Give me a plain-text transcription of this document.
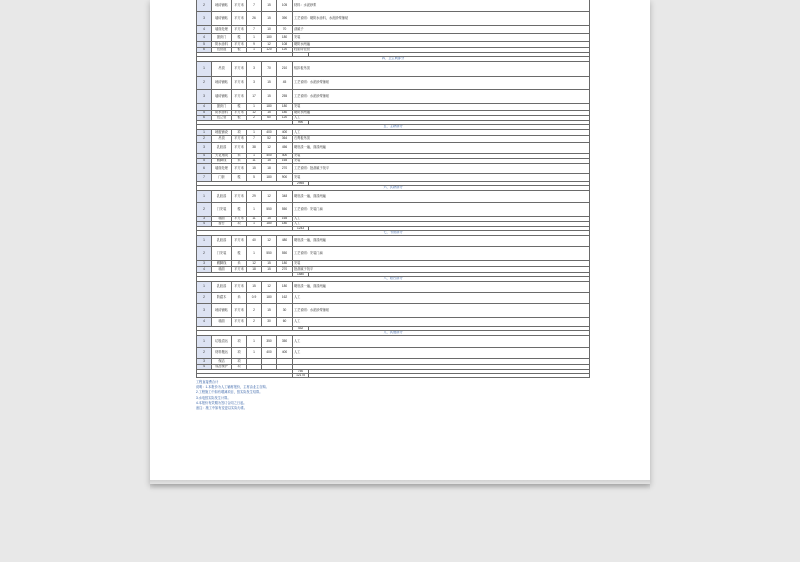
2	地砖铺贴	平方米	7	15	105	材料：水泥砂浆
3	墙砖铺贴	平方米	26	15	390	工艺说明：刷防水涂料，水泥砂浆铺贴
4	墙面处理	平方米	7	10	70	刮腻子
4	窗套门	樘	1	180	180	安装
5	防水涂料	平方米	9	12	108	刷防水两遍
6	包管道	根	1	120	120	轻质砖包管
四、卫生间部分
1	吊顶	平方米	3	70	210	铝扣板吊顶
2	地砖铺贴	平方米	3	15	45	工艺说明：水泥砂浆铺贴
3	墙砖铺贴	平方米	17	15	255	工艺说明：水泥砂浆铺贴
4	窗套门	樘	1	180	180	安装
5	防水涂料	平方米	12	15	180	刷防水两遍
6	包立管	根	2	60	120	人工
990
五、主卧部分
1	地板铺设	项	1	400	400	人工
2	吊顶	平方米	7	52	364	石膏板吊顶
3	乳胶漆	平方米	38	12	456	刷底漆一遍，面漆两遍
4	天花角线	米	1	400	400	安装
5	踢脚线	米	11	15	165	安装
6	墙面处理	平方米	15	18	270	工艺说明：批刮腻子找平
7	门套	樘	5	180	900	安装
2955
六、次卧部分
1	乳胶漆	平方米	29	12	348	刷底漆一遍，面漆两遍
2	门安装	樘	1	550	550	工艺说明：安装门扇
3	墙面	平方米	11	15	165	人工
4	窗台	项	1	180	180	人工
1243
七、书房部分
1	乳胶漆	平方米	40	12	480	刷底漆一遍，面漆两遍
2	门安装	樘	1	550	550	工艺说明：安装门扇
3	踢脚线	米	12	15	180	安装
4	墙面	平方米	18	15	270	批刮腻子找平
1480
八、阳台部分
1	乳胶漆	平方米	15	12	180	刷底漆一遍，面漆两遍
2	防腐木	米	0.9	180	162	人工
3	地砖铺贴	平方米	2	15	30	工艺说明：水泥砂浆铺贴
4	墙面	平方米	2	30	60	人工
432
九、其他部分
1	垃圾清运	项	1	350	350	人工
2	材料搬运	项	1	400	400	人工
3	保洁	项
4	成品保护	项
750
12175
工程直接费合计
说明：1.本报价为人工辅材报价，主材由业主自购。
2.工程施工中如有增减项目，按实际发生结算。
3.水电按实际发生计算。
4.本报价有效期为签订合同之日起。
备注：施工中如有变更以实际为准。
